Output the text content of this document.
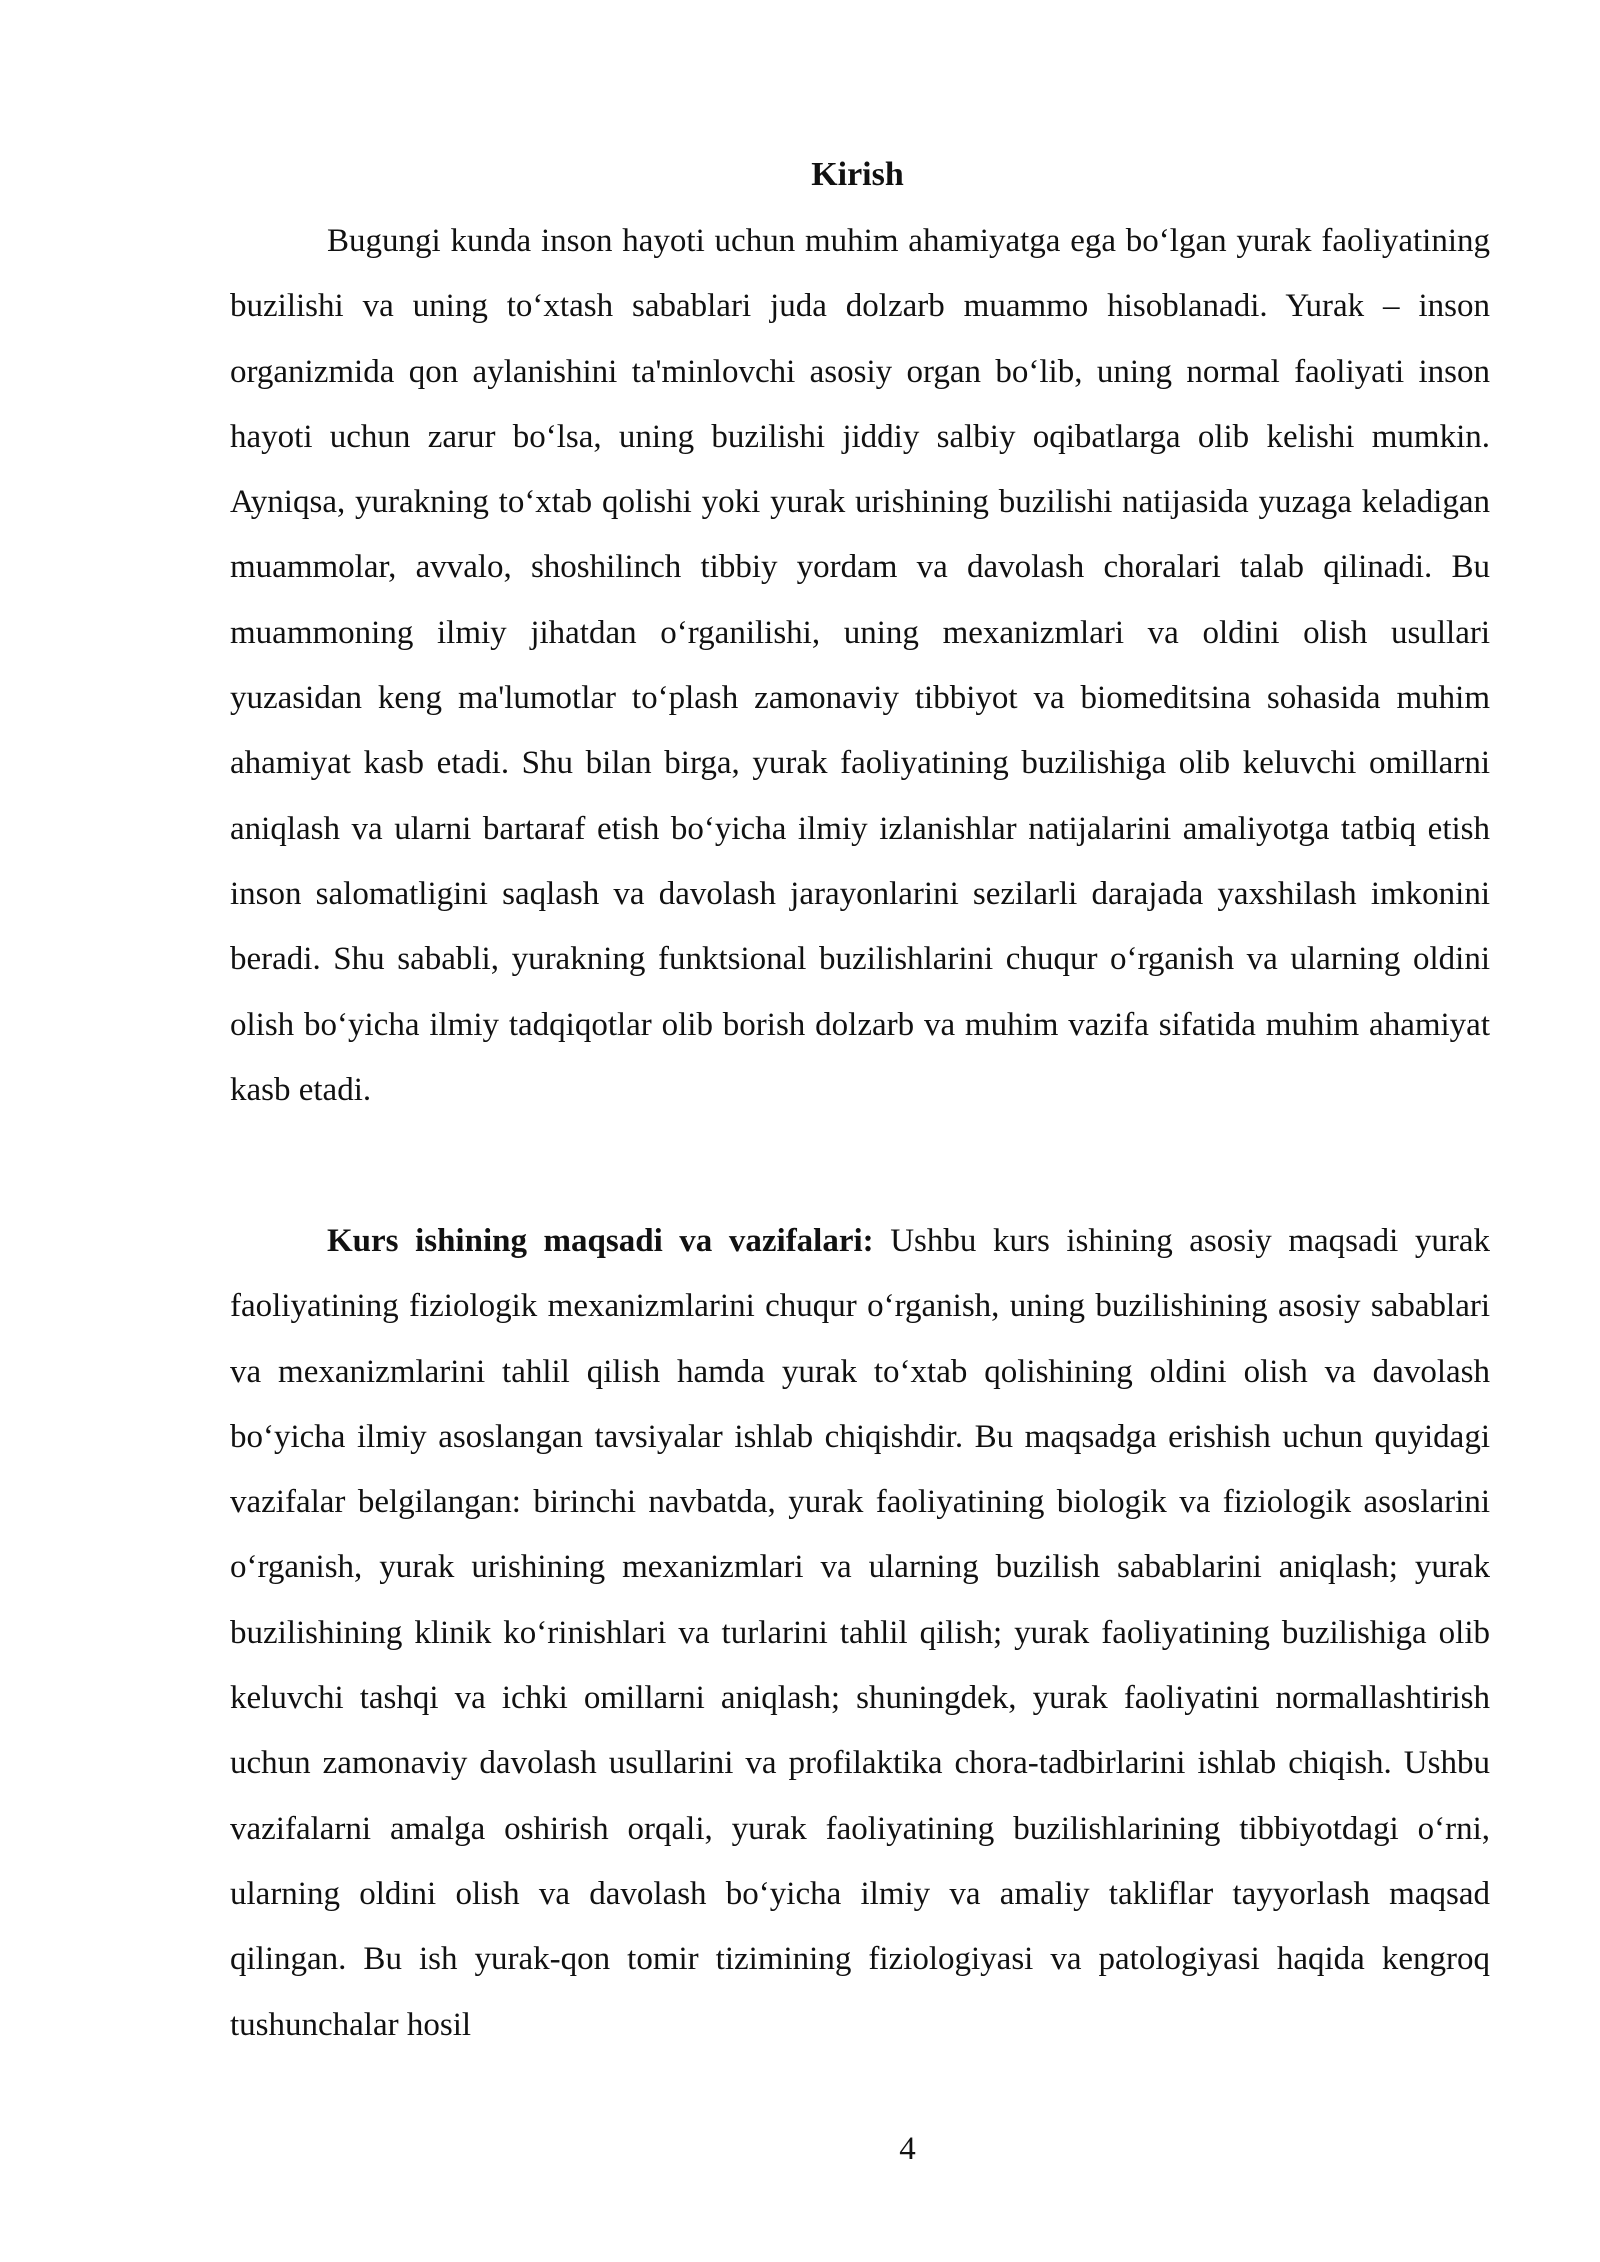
Kirish

Bugungi kunda inson hayoti uchun muhim ahamiyatga ega bo‘lgan yurak faoliyatining buzilishi va uning to‘xtash sabablari juda dolzarb muammo hisoblanadi. Yurak – inson organizmida qon aylanishini ta'minlovchi asosiy organ bo‘lib, uning normal faoliyati inson hayoti uchun zarur bo‘lsa, uning buzilishi jiddiy salbiy oqibatlarga olib kelishi mumkin. Ayniqsa, yurakning to‘xtab qolishi yoki yurak urishining buzilishi natijasida yuzaga keladigan muammolar, avvalo, shoshilinch tibbiy yordam va davolash choralari talab qilinadi. Bu muammoning ilmiy jihatdan o‘rganilishi, uning mexanizmlari va oldini olish usullari yuzasidan keng ma'lumotlar to‘plash zamonaviy tibbiyot va biomeditsina sohasida muhim ahamiyat kasb etadi. Shu bilan birga, yurak faoliyatining buzilishiga olib keluvchi omillarni aniqlash va ularni bartaraf etish bo‘yicha ilmiy izlanishlar natijalarini amaliyotga tatbiq etish inson salomatligini saqlash va davolash jarayonlarini sezilarli darajada yaxshilash imkonini beradi. Shu sababli, yurakning funktsional buzilishlarini chuqur o‘rganish va ularning oldini olish bo‘yicha ilmiy tadqiqotlar olib borish dolzarb va muhim vazifa sifatida muhim ahamiyat kasb etadi.

Kurs ishining maqsadi va vazifalari: Ushbu kurs ishining asosiy maqsadi yurak faoliyatining fiziologik mexanizmlarini chuqur o‘rganish, uning buzilishining asosiy sabablari va mexanizmlarini tahlil qilish hamda yurak to‘xtab qolishining oldini olish va davolash bo‘yicha ilmiy asoslangan tavsiyalar ishlab chiqishdir. Bu maqsadga erishish uchun quyidagi vazifalar belgilangan: birinchi navbatda, yurak faoliyatining biologik va fiziologik asoslarini o‘rganish, yurak urishining mexanizmlari va ularning buzilish sabablarini aniqlash; yurak buzilishining klinik ko‘rinishlari va turlarini tahlil qilish; yurak faoliyatining buzilishiga olib keluvchi tashqi va ichki omillarni aniqlash; shuningdek, yurak faoliyatini normallashtirish uchun zamonaviy davolash usullarini va profilaktika chora-tadbirlarini ishlab chiqish. Ushbu vazifalarni amalga oshirish orqali, yurak faoliyatining buzilishlarining tibbiyotdagi o‘rni, ularning oldini olish va davolash bo‘yicha ilmiy va amaliy takliflar tayyorlash maqsad qilingan. Bu ish yurak-qon tomir tizimining fiziologiyasi va patologiyasi haqida kengroq tushunchalar hosil

4
